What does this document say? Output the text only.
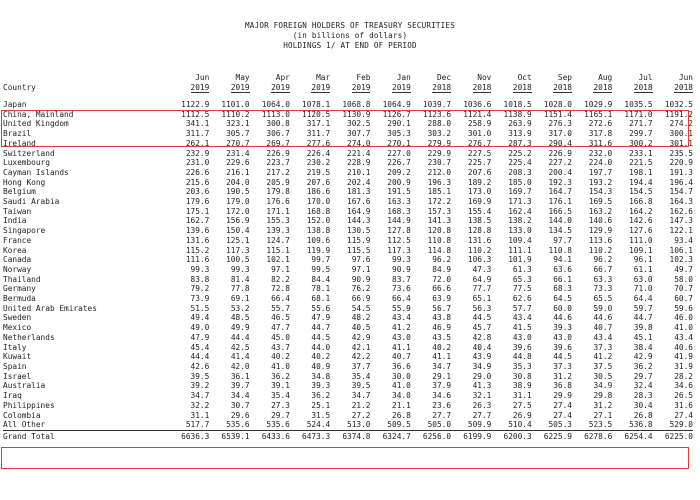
MAJOR FOREIGN HOLDERS OF TREASURY SECURITIES
(in billions of dollars)
HOLDINGS 1/ AT END OF PERIOD
	Jun	May	Apr	Mar	Feb	Jan	Dec	Nov	Oct	Sep	Aug	Jul	Jun
Country	2019	2019	2019	2019	2019	2019	2018	2018	2018	2018	2018	2018	2018

Japan	1122.9	1101.0	1064.0	1078.1	1068.8	1064.9	1039.7	1036.6	1018.5	1028.0	1029.9	1035.5	1032.5
China, Mainland	1112.5	1110.2	1113.0	1120.5	1130.9	1126.7	1123.6	1121.4	1138.9	1151.4	1165.1	1171.0	1191.2
United Kingdom	341.1	323.1	300.8	317.1	302.5	290.1	288.0	258.9	263.9	276.3	272.6	271.7	274.2
Brazil	311.7	305.7	306.7	311.7	307.7	305.3	303.2	301.0	313.9	317.0	317.8	299.7	300.1
Ireland	262.1	270.7	269.7	277.6	274.0	270.1	279.9	276.7	287.3	290.4	311.6	300.2	301.1
Switzerland	232.9	231.4	226.9	226.4	221.4	227.0	229.9	227.5	225.2	226.9	232.0	233.1	235.5
Luxembourg	231.0	229.6	223.7	230.2	228.9	226.7	230.7	225.7	225.4	227.2	224.0	221.5	220.9
Cayman Islands	226.6	216.1	217.2	219.5	210.1	209.2	212.0	207.6	208.3	200.4	197.7	198.1	191.3
Hong Kong	215.6	204.0	205.9	207.6	202.4	200.9	196.3	189.2	185.0	192.3	193.2	194.4	196.4
Belgium	203.6	190.5	179.8	186.6	181.3	191.5	185.1	173.0	169.7	164.7	154.3	154.5	154.7
Saudi Arabia	179.6	179.0	176.6	170.0	167.6	163.3	172.2	169.9	171.3	176.1	169.5	166.8	164.3
Taiwan	175.1	172.0	171.1	168.8	164.9	168.3	157.3	155.4	162.4	166.5	163.2	164.2	162.6
India	162.7	156.9	155.3	152.0	144.3	144.9	141.3	138.5	138.2	144.0	140.6	142.6	147.3
Singapore	139.6	150.4	139.3	138.8	130.5	127.8	120.8	128.8	133.0	134.5	129.9	127.6	122.1
France	131.6	125.1	124.7	109.6	115.9	112.5	110.8	131.6	109.4	97.7	113.6	111.0	93.4
Korea	115.2	117.3	115.1	119.9	115.5	117.3	114.8	110.2	111.1	110.8	110.2	109.1	106.1
Canada	111.6	100.5	102.1	99.7	97.6	99.3	96.2	106.3	101.9	94.1	96.2	96.1	102.3
Norway	99.3	99.3	97.1	99.5	97.1	90.9	84.9	47.3	61.3	63.6	66.7	61.1	49.7
Thailand	83.8	81.4	82.2	84.4	90.9	83.7	72.0	64.9	65.3	66.1	63.3	63.0	58.0
Germany	79.2	77.8	72.8	78.1	76.2	73.6	66.6	77.7	77.5	68.3	73.3	71.0	70.7
Bermuda	73.9	69.1	66.4	68.1	66.9	66.4	63.9	65.1	62.6	64.5	65.5	64.4	60.7
United Arab Emirates	51.5	53.2	55.7	55.6	54.5	55.9	56.7	56.3	57.7	60.0	59.0	59.7	59.6
Sweden	49.4	48.5	46.5	47.9	48.2	43.4	43.8	44.5	43.4	44.6	44.6	44.7	46.0
Mexico	49.0	49.9	47.7	44.7	40.5	41.2	46.9	45.7	41.5	39.3	40.7	39.8	41.0
Netherlands	47.9	44.4	45.0	44.5	42.9	43.0	43.5	42.8	43.0	43.0	43.4	45.1	43.4
Italy	45.4	42.5	43.7	44.0	42.1	41.1	40.2	40.4	39.6	39.6	37.3	38.4	40.6
Kuwait	44.4	41.4	40.2	40.2	42.2	40.7	41.1	43.9	44.8	44.5	41.2	42.9	41.9
Spain	42.6	42.0	41.0	40.9	37.7	36.6	34.7	34.9	35.3	37.3	37.5	36.2	31.9
Israel	39.5	36.1	36.2	34.8	35.4	30.0	29.1	29.0	30.8	31.2	30.5	29.7	28.2
Australia	39.2	39.7	39.1	39.3	39.5	41.0	37.9	41.3	38.9	36.8	34.9	32.4	34.6
Iraq	34.7	34.4	35.4	36.2	34.7	34.0	34.6	32.1	31.1	29.9	29.8	28.3	26.5
Philippines	32.2	30.7	27.3	25.1	21.2	21.1	23.6	26.3	27.5	27.4	31.2	30.4	31.6
Colombia	31.1	29.6	29.7	31.5	27.2	26.8	27.7	27.7	26.9	27.4	27.1	26.8	27.4
All Other	517.7	535.6	535.6	524.4	513.0	509.5	505.0	509.9	510.4	505.3	523.5	536.8	529.0
Grand Total	6636.3	6539.1	6433.6	6473.3	6374.8	6324.7	6256.0	6199.9	6200.3	6225.9	6278.6	6254.4	6225.0
